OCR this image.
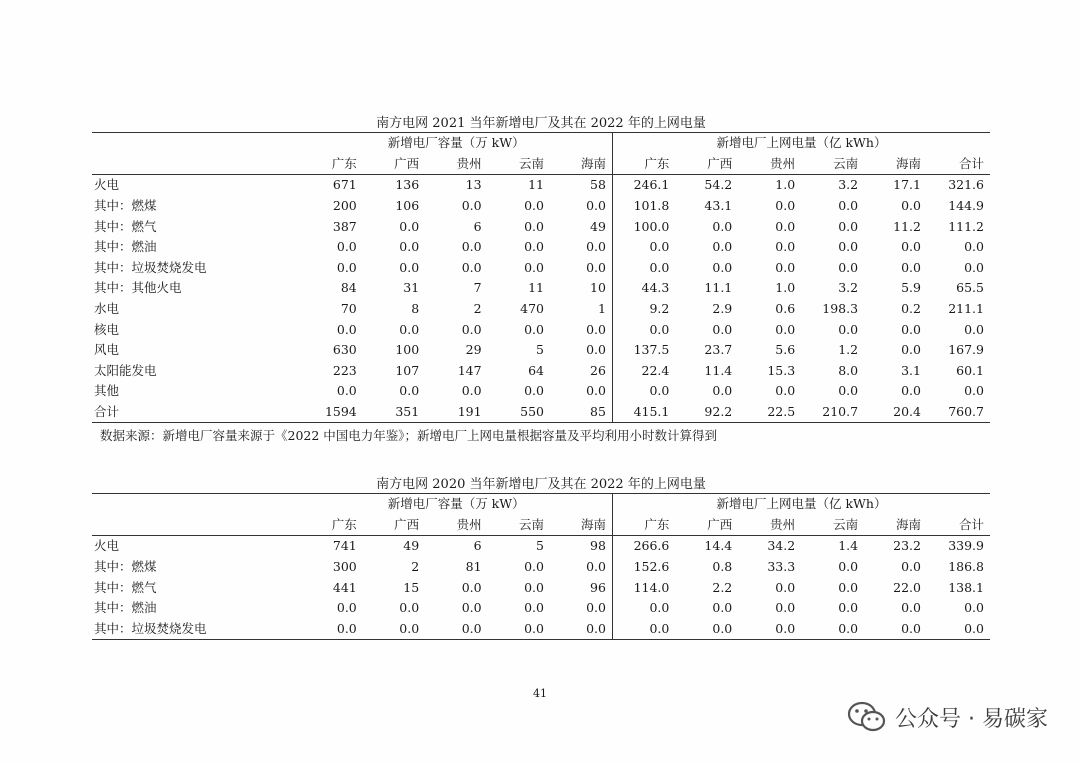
南方电网 2021 当年新增电厂及其在 2022 年的上网电量
	新增电厂容量（万 kW）					新增电厂上网电量（亿 kWh）					
	广东	广西	贵州	云南	海南	广东	广西	贵州	云南	海南	合计
火电	671	136	13	11	58	246.1	54.2	1.0	3.2	17.1	321.6
其中：燃煤	200	106	0.0	0.0	0.0	101.8	43.1	0.0	0.0	0.0	144.9
其中：燃气	387	0.0	6	0.0	49	100.0	0.0	0.0	0.0	11.2	111.2
其中：燃油	0.0	0.0	0.0	0.0	0.0	0.0	0.0	0.0	0.0	0.0	0.0
其中：垃圾焚烧发电	0.0	0.0	0.0	0.0	0.0	0.0	0.0	0.0	0.0	0.0	0.0
其中：其他火电	84	31	7	11	10	44.3	11.1	1.0	3.2	5.9	65.5
水电	70	8	2	470	1	9.2	2.9	0.6	198.3	0.2	211.1
核电	0.0	0.0	0.0	0.0	0.0	0.0	0.0	0.0	0.0	0.0	0.0
风电	630	100	29	5	0.0	137.5	23.7	5.6	1.2	0.0	167.9
太阳能发电	223	107	147	64	26	22.4	11.4	15.3	8.0	3.1	60.1
其他	0.0	0.0	0.0	0.0	0.0	0.0	0.0	0.0	0.0	0.0	0.0
合计	1594	351	191	550	85	415.1	92.2	22.5	210.7	20.4	760.7
数据来源：新增电厂容量来源于《2022 中国电力年鉴》；新增电厂上网电量根据容量及平均利用小时数计算得到
南方电网 2020 当年新增电厂及其在 2022 年的上网电量
	新增电厂容量（万 kW）					新增电厂上网电量（亿 kWh）					
	广东	广西	贵州	云南	海南	广东	广西	贵州	云南	海南	合计
火电	741	49	6	5	98	266.6	14.4	34.2	1.4	23.2	339.9
其中：燃煤	300	2	81	0.0	0.0	152.6	0.8	33.3	0.0	0.0	186.8
其中：燃气	441	15	0.0	0.0	96	114.0	2.2	0.0	0.0	22.0	138.1
其中：燃油	0.0	0.0	0.0	0.0	0.0	0.0	0.0	0.0	0.0	0.0	0.0
其中：垃圾焚烧发电	0.0	0.0	0.0	0.0	0.0	0.0	0.0	0.0	0.0	0.0	0.0
41
公众号 · 易碳家
